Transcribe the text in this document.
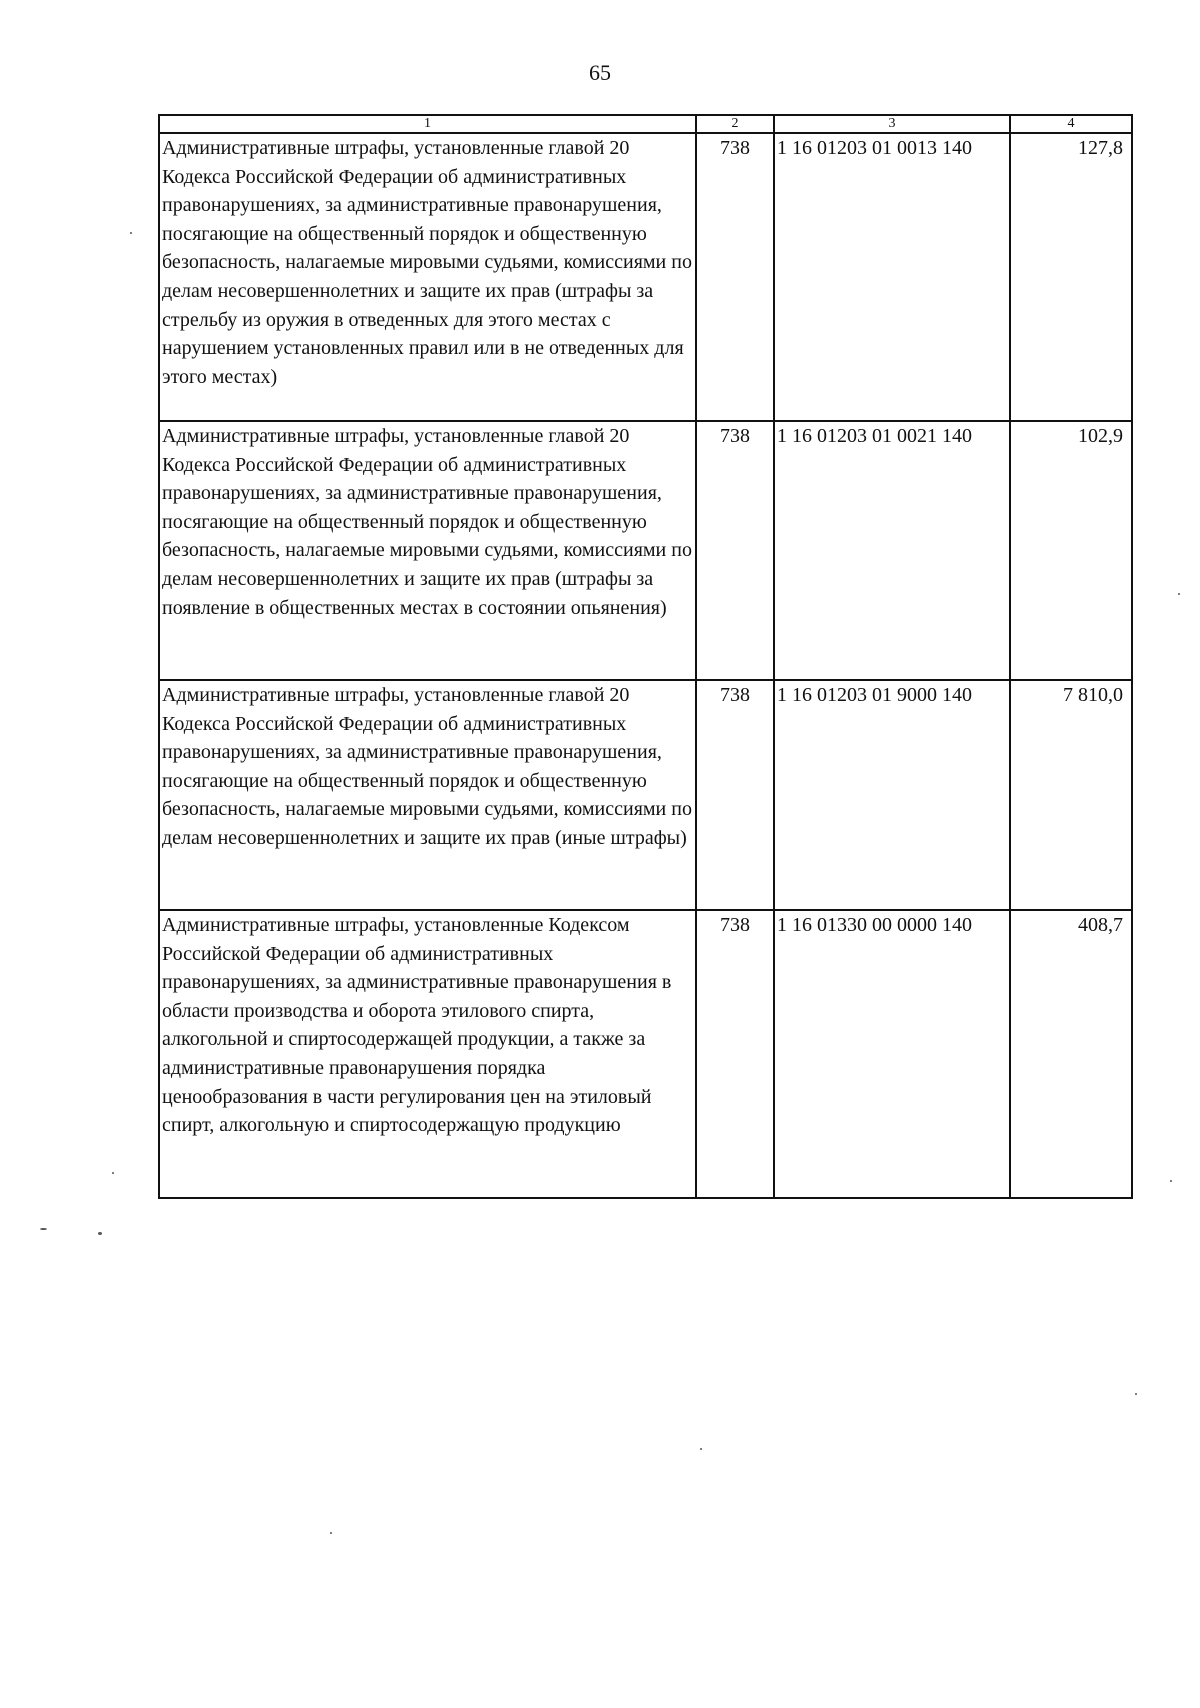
65
1	2	3	4
Административные штрафы, установленные главой 20 Кодекса Российской Федерации об административных правонарушениях, за административные правонарушения, посягающие на общественный порядок и общественную безопасность, налагаемые мировыми судьями, комиссиями по делам несовершеннолетних и защите их прав (штрафы за стрельбу из оружия в отведенных для этого местах с нарушением установленных правил или в не отведенных для этого местах)	738	1 16 01203 01 0013 140	127,8
Административные штрафы, установленные главой 20 Кодекса Российской Федерации об административных правонарушениях, за административные правонарушения, посягающие на общественный порядок и общественную безопасность, налагаемые мировыми судьями, комиссиями по делам несовершеннолетних и защите их прав (штрафы за появление в общественных местах в состоянии опьянения)	738	1 16 01203 01 0021 140	102,9
Административные штрафы, установленные главой 20 Кодекса Российской Федерации об административных правонарушениях, за административные правонарушения, посягающие на общественный порядок и общественную безопасность, налагаемые мировыми судьями, комиссиями по делам несовершеннолетних и защите их прав (иные штрафы)	738	1 16 01203 01 9000 140	7 810,0
Административные штрафы, установленные Кодексом Российской Федерации об административных правонарушениях, за административные правонарушения в области производства и оборота этилового спирта, алкогольной и спиртосодержащей продукции, а также за административные правонарушения порядка ценообразования в части регулирования цен на этиловый спирт, алкогольную и спиртосодержащую продукцию	738	1 16 01330 00 0000 140	408,7
